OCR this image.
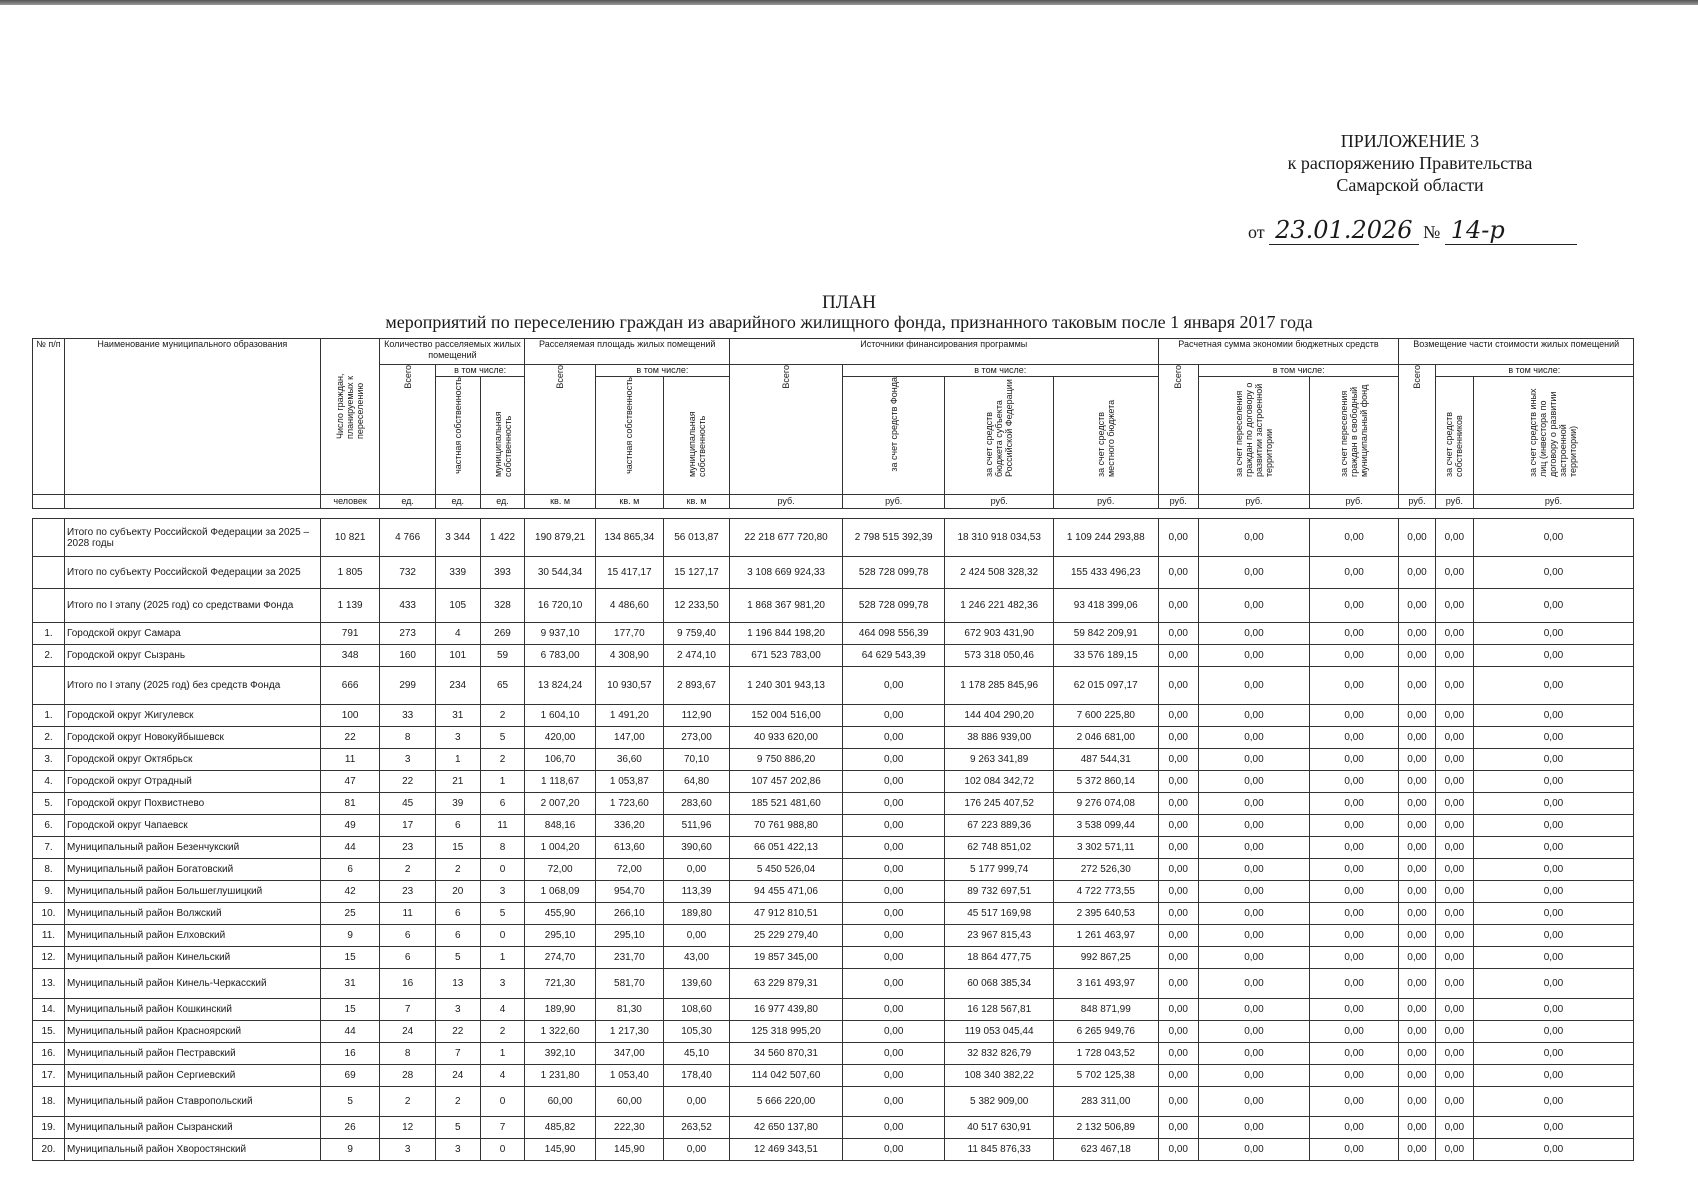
ПРИЛОЖЕНИЕ 3
к распоряжению Правительства
Самарской области
от 23.01.2026 № 14-р
ПЛАН
мероприятий по переселению граждан из аварийного жилищного фонда, признанного таковым после 1 января 2017 года
№ п/п	Наименование муниципального образования	Число граждан, планируемых к переселению	Количество расселяемых жилых помещений			Расселяемая площадь жилых помещений			Источники финансирования программы				Расчетная сумма экономии бюджетных средств			Возмещение части стоимости жилых помещений		

			Всего	в том числе:		Всего	в том числе:		Всего	в том числе:			Всего	в том числе:		Всего	в том числе:	

				частная собственность	муниципальная собственность		частная собственность	муниципальная собственность		за счет средств Фонда	за счет средств бюджета субъекта Российской Федерации	за счет средств местного бюджета		за счет переселения граждан по договору о развитии застроенной территории	за счет переселения граждан в свободный муниципальный фонд		за счет средств собственников	за счет средств иных лиц (инвестора по договору о развитии застроенной территории)

		человек	ед.	ед.	ед.	кв. м	кв. м	кв. м	руб.	руб.	руб.	руб.	руб.	руб.	руб.	руб.	руб.	руб.

	Итого по субъекту Российской Федерации за 2025 – 2028 годы	10 821	4 766	3 344	1 422	190 879,21	134 865,34	56 013,87	22 218 677 720,80	2 798 515 392,39	18 310 918 034,53	1 109 244 293,88	0,00	0,00	0,00	0,00	0,00	0,00
	Итого по субъекту Российской Федерации за 2025	1 805	732	339	393	30 544,34	15 417,17	15 127,17	3 108 669 924,33	528 728 099,78	2 424 508 328,32	155 433 496,23	0,00	0,00	0,00	0,00	0,00	0,00
	Итого по I этапу (2025 год) со средствами Фонда	1 139	433	105	328	16 720,10	4 486,60	12 233,50	1 868 367 981,20	528 728 099,78	1 246 221 482,36	93 418 399,06	0,00	0,00	0,00	0,00	0,00	0,00
1.	Городской округ Самара	791	273	4	269	9 937,10	177,70	9 759,40	1 196 844 198,20	464 098 556,39	672 903 431,90	59 842 209,91	0,00	0,00	0,00	0,00	0,00	0,00
2.	Городской округ Сызрань	348	160	101	59	6 783,00	4 308,90	2 474,10	671 523 783,00	64 629 543,39	573 318 050,46	33 576 189,15	0,00	0,00	0,00	0,00	0,00	0,00
	Итого по I этапу (2025 год) без средств Фонда	666	299	234	65	13 824,24	10 930,57	2 893,67	1 240 301 943,13	0,00	1 178 285 845,96	62 015 097,17	0,00	0,00	0,00	0,00	0,00	0,00
1.	Городской округ Жигулевск	100	33	31	2	1 604,10	1 491,20	112,90	152 004 516,00	0,00	144 404 290,20	7 600 225,80	0,00	0,00	0,00	0,00	0,00	0,00
2.	Городской округ Новокуйбышевск	22	8	3	5	420,00	147,00	273,00	40 933 620,00	0,00	38 886 939,00	2 046 681,00	0,00	0,00	0,00	0,00	0,00	0,00
3.	Городской округ Октябрьск	11	3	1	2	106,70	36,60	70,10	9 750 886,20	0,00	9 263 341,89	487 544,31	0,00	0,00	0,00	0,00	0,00	0,00
4.	Городской округ Отрадный	47	22	21	1	1 118,67	1 053,87	64,80	107 457 202,86	0,00	102 084 342,72	5 372 860,14	0,00	0,00	0,00	0,00	0,00	0,00
5.	Городской округ Похвистнево	81	45	39	6	2 007,20	1 723,60	283,60	185 521 481,60	0,00	176 245 407,52	9 276 074,08	0,00	0,00	0,00	0,00	0,00	0,00
6.	Городской округ Чапаевск	49	17	6	11	848,16	336,20	511,96	70 761 988,80	0,00	67 223 889,36	3 538 099,44	0,00	0,00	0,00	0,00	0,00	0,00
7.	Муниципальный район Безенчукский	44	23	15	8	1 004,20	613,60	390,60	66 051 422,13	0,00	62 748 851,02	3 302 571,11	0,00	0,00	0,00	0,00	0,00	0,00
8.	Муниципальный район Богатовский	6	2	2	0	72,00	72,00	0,00	5 450 526,04	0,00	5 177 999,74	272 526,30	0,00	0,00	0,00	0,00	0,00	0,00
9.	Муниципальный район Большеглушицкий	42	23	20	3	1 068,09	954,70	113,39	94 455 471,06	0,00	89 732 697,51	4 722 773,55	0,00	0,00	0,00	0,00	0,00	0,00
10.	Муниципальный район Волжский	25	11	6	5	455,90	266,10	189,80	47 912 810,51	0,00	45 517 169,98	2 395 640,53	0,00	0,00	0,00	0,00	0,00	0,00
11.	Муниципальный район Елховский	9	6	6	0	295,10	295,10	0,00	25 229 279,40	0,00	23 967 815,43	1 261 463,97	0,00	0,00	0,00	0,00	0,00	0,00
12.	Муниципальный район Кинельский	15	6	5	1	274,70	231,70	43,00	19 857 345,00	0,00	18 864 477,75	992 867,25	0,00	0,00	0,00	0,00	0,00	0,00
13.	Муниципальный район Кинель-Черкасский	31	16	13	3	721,30	581,70	139,60	63 229 879,31	0,00	60 068 385,34	3 161 493,97	0,00	0,00	0,00	0,00	0,00	0,00
14.	Муниципальный район Кошкинский	15	7	3	4	189,90	81,30	108,60	16 977 439,80	0,00	16 128 567,81	848 871,99	0,00	0,00	0,00	0,00	0,00	0,00
15.	Муниципальный район Красноярский	44	24	22	2	1 322,60	1 217,30	105,30	125 318 995,20	0,00	119 053 045,44	6 265 949,76	0,00	0,00	0,00	0,00	0,00	0,00
16.	Муниципальный район Пестравский	16	8	7	1	392,10	347,00	45,10	34 560 870,31	0,00	32 832 826,79	1 728 043,52	0,00	0,00	0,00	0,00	0,00	0,00
17.	Муниципальный район Сергиевский	69	28	24	4	1 231,80	1 053,40	178,40	114 042 507,60	0,00	108 340 382,22	5 702 125,38	0,00	0,00	0,00	0,00	0,00	0,00
18.	Муниципальный район Ставропольский	5	2	2	0	60,00	60,00	0,00	5 666 220,00	0,00	5 382 909,00	283 311,00	0,00	0,00	0,00	0,00	0,00	0,00
19.	Муниципальный район Сызранский	26	12	5	7	485,82	222,30	263,52	42 650 137,80	0,00	40 517 630,91	2 132 506,89	0,00	0,00	0,00	0,00	0,00	0,00
20.	Муниципальный район Хворостянский	9	3	3	0	145,90	145,90	0,00	12 469 343,51	0,00	11 845 876,33	623 467,18	0,00	0,00	0,00	0,00	0,00	0,00
